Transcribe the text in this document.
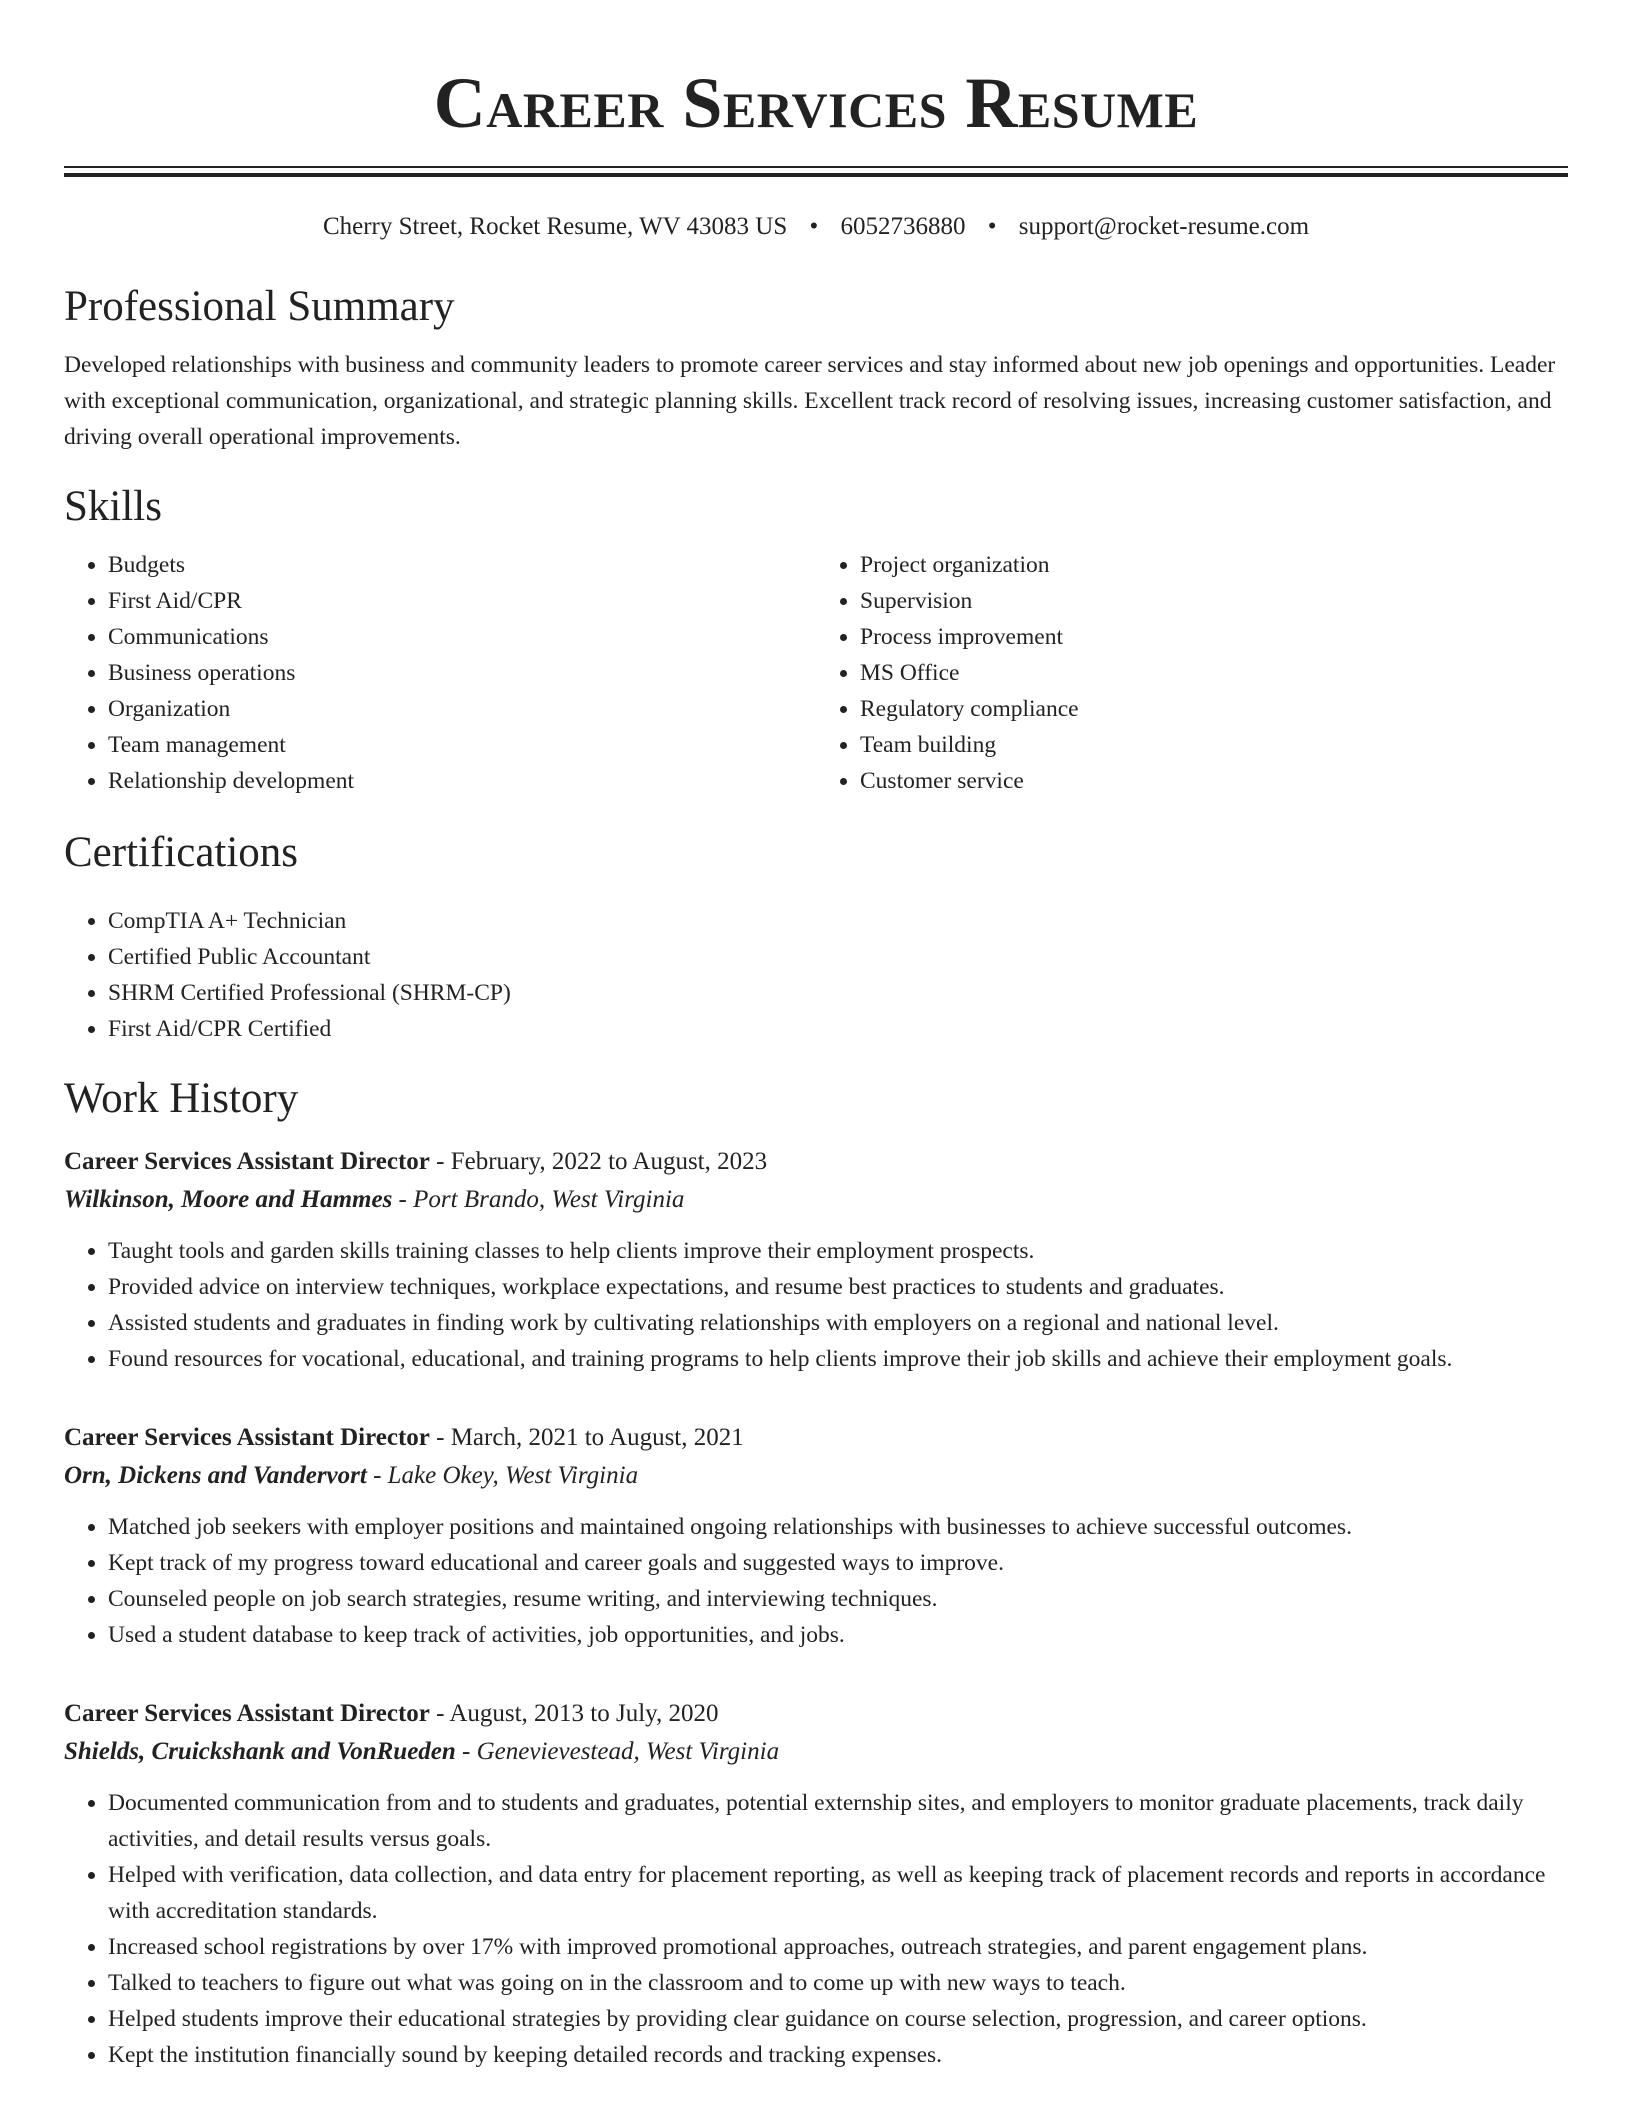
Career Services Resume
Cherry Street, Rocket Resume, WV 43083 US • 6052736880 • support@rocket-resume.com
Professional Summary

Developed relationships with business and community leaders to promote career services and stay informed about new job openings and opportunities. Leader with exceptional communication, organizational, and strategic planning skills. Excellent track record of resolving issues, increasing customer satisfaction, and driving overall operational improvements.

Skills
• Budgets
• First Aid/CPR
• Communications
• Business operations
• Organization
• Team management
• Relationship development
• Project organization
• Supervision
• Process improvement
• MS Office
• Regulatory compliance
• Team building
• Customer service
Certifications
• CompTIA A+ Technician
• Certified Public Accountant
• SHRM Certified Professional (SHRM-CP)
• First Aid/CPR Certified
Work History
Career Services Assistant Director - February, 2022 to August, 2023
Wilkinson, Moore and Hammes - Port Brando, West Virginia
• Taught tools and garden skills training classes to help clients improve their employment prospects.
• Provided advice on interview techniques, workplace expectations, and resume best practices to students and graduates.
• Assisted students and graduates in finding work by cultivating relationships with employers on a regional and national level.
• Found resources for vocational, educational, and training programs to help clients improve their job skills and achieve their employment goals.
Career Services Assistant Director - March, 2021 to August, 2021
Orn, Dickens and Vandervort - Lake Okey, West Virginia
• Matched job seekers with employer positions and maintained ongoing relationships with businesses to achieve successful outcomes.
• Kept track of my progress toward educational and career goals and suggested ways to improve.
• Counseled people on job search strategies, resume writing, and interviewing techniques.
• Used a student database to keep track of activities, job opportunities, and jobs.
Career Services Assistant Director - August, 2013 to July, 2020
Shields, Cruickshank and VonRueden - Genevievestead, West Virginia
• Documented communication from and to students and graduates, potential externship sites, and employers to monitor graduate placements, track daily activities, and detail results versus goals.
• Helped with verification, data collection, and data entry for placement reporting, as well as keeping track of placement records and reports in accordance with accreditation standards.
• Increased school registrations by over 17% with improved promotional approaches, outreach strategies, and parent engagement plans.
• Talked to teachers to figure out what was going on in the classroom and to come up with new ways to teach.
• Helped students improve their educational strategies by providing clear guidance on course selection, progression, and career options.
• Kept the institution financially sound by keeping detailed records and tracking expenses.
